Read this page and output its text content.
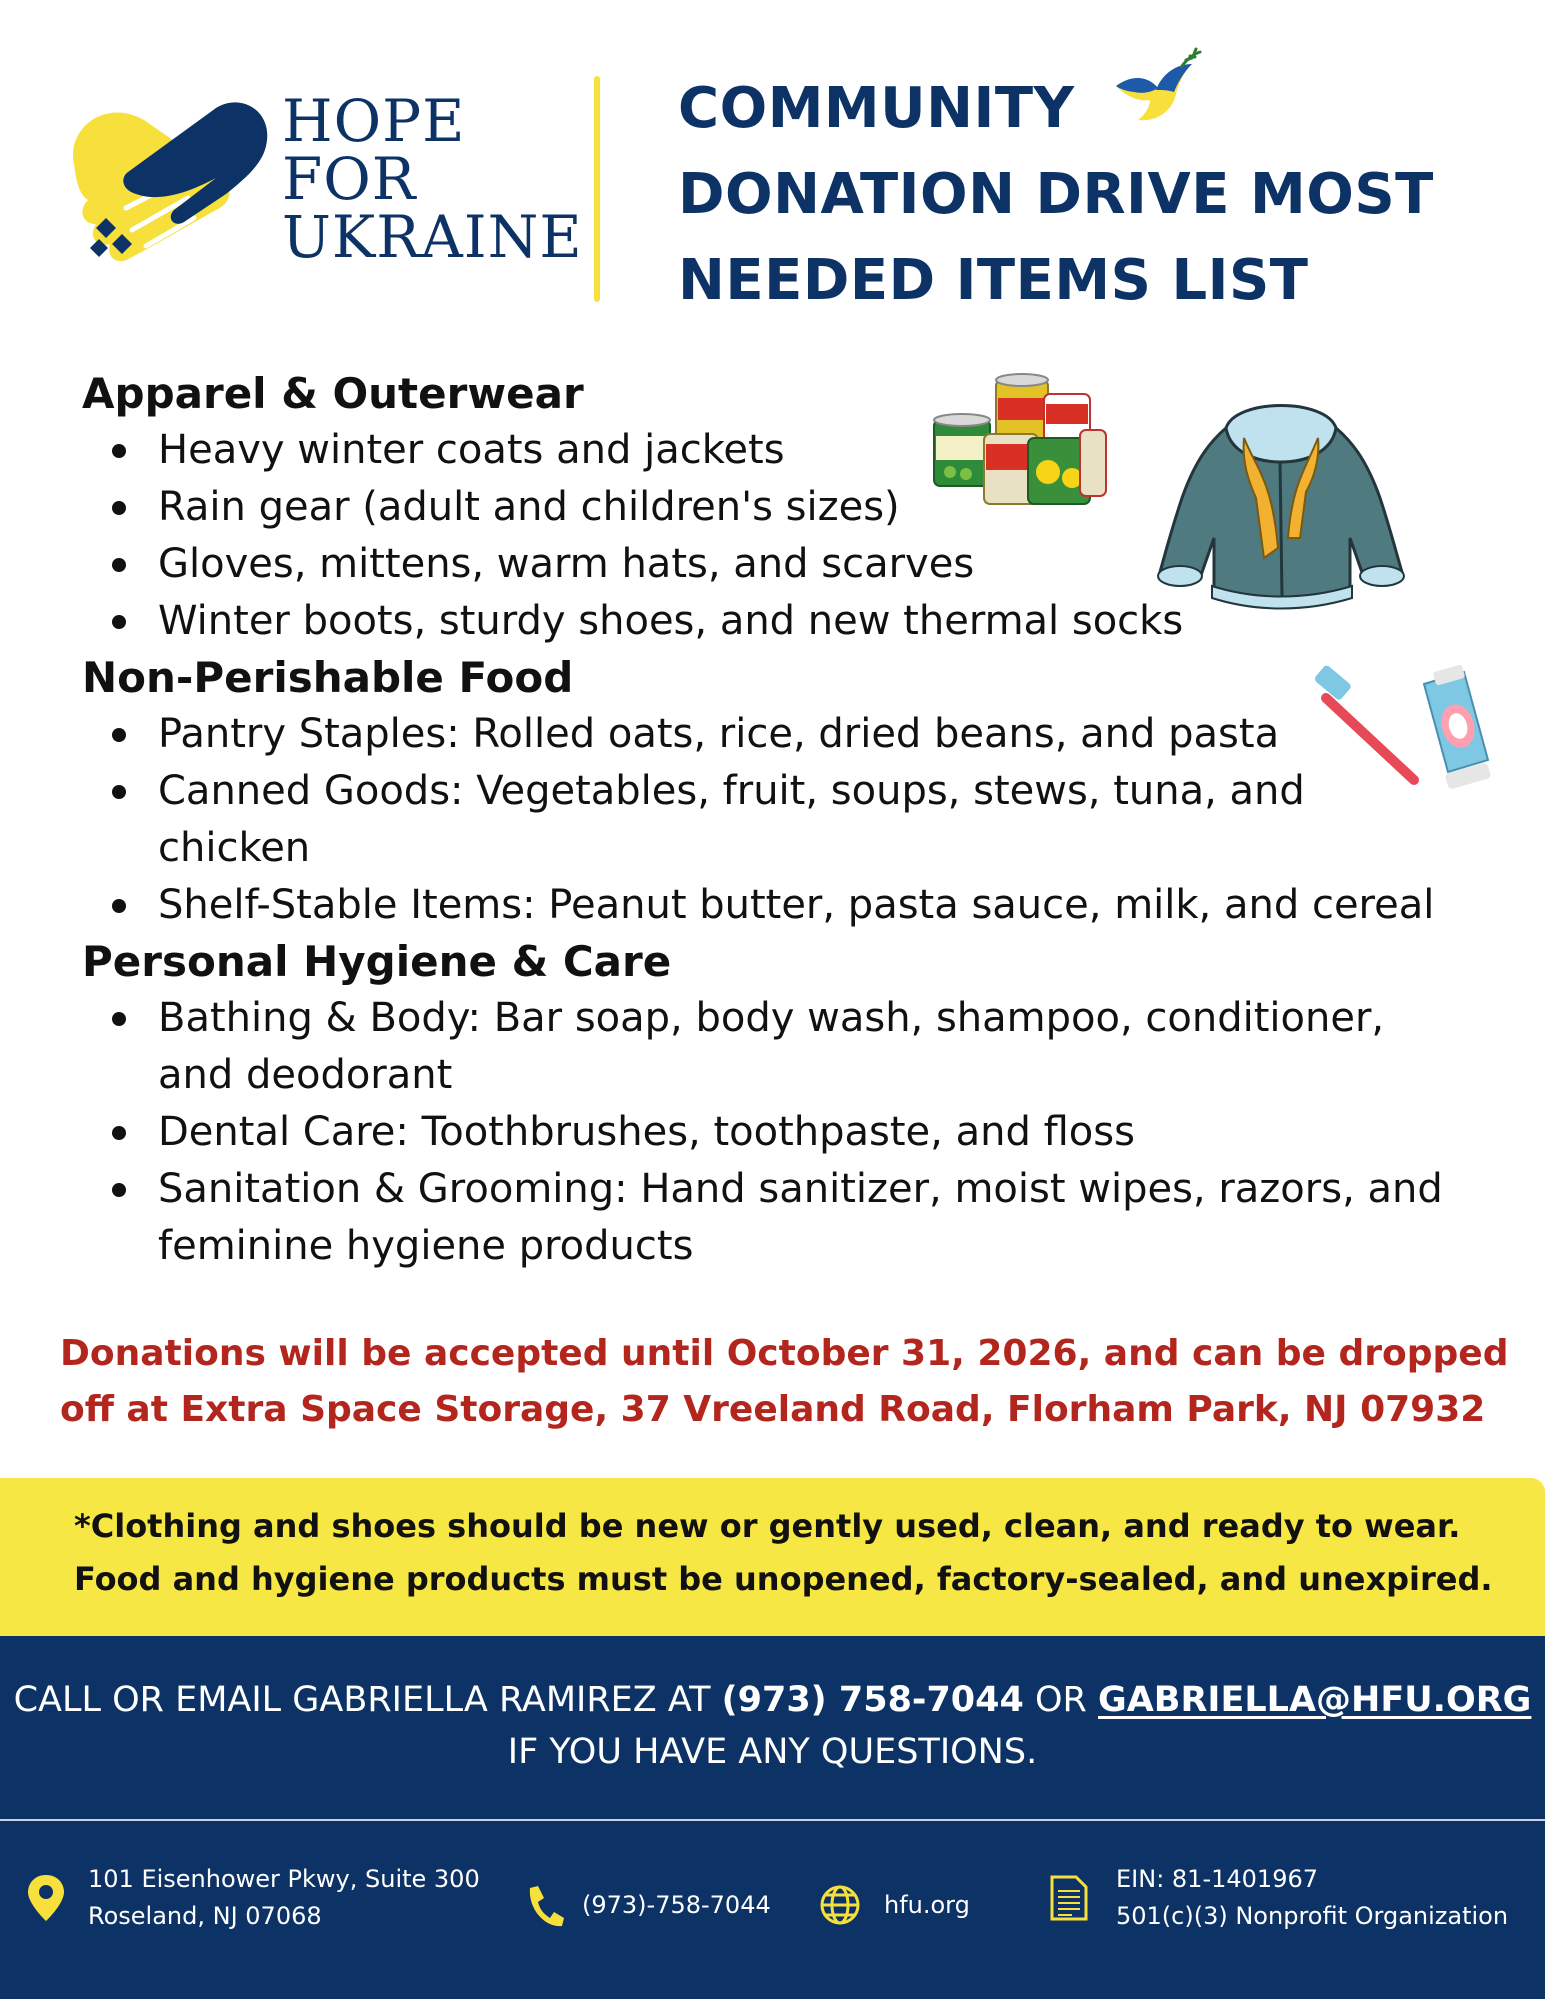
HOPE
FOR
UKRAINE
COMMUNITY
DONATION DRIVE MOST
NEEDED ITEMS LIST
Apparel & Outerwear
Heavy winter coats and jackets
Rain gear (adult and children's sizes)
Gloves, mittens, warm hats, and scarves
Winter boots, sturdy shoes, and new thermal socks
Non-Perishable Food
Pantry Staples: Rolled oats, rice, dried beans, and pasta
Canned Goods: Vegetables, fruit, soups, stews, tuna, and chicken
Shelf-Stable Items: Peanut butter, pasta sauce, milk, and cereal
Personal Hygiene & Care
Bathing & Body: Bar soap, body wash, shampoo, conditioner, and deodorant
Dental Care: Toothbrushes, toothpaste, and floss
Sanitation & Grooming: Hand sanitizer, moist wipes, razors, and feminine hygiene products
Donations will be accepted until October 31, 2026, and can be dropped
off at Extra Space Storage, 37 Vreeland Road, Florham Park, NJ 07932
*Clothing and shoes should be new or gently used, clean, and ready to wear.
Food and hygiene products must be unopened, factory-sealed, and unexpired.
CALL OR EMAIL GABRIELLA RAMIREZ AT (973) 758-7044 OR GABRIELLA@HFU.ORG
IF YOU HAVE ANY QUESTIONS.
101 Eisenhower Pkwy, Suite 300
Roseland, NJ 07068	(973)-758-7044	hfu.org
EIN: 81-1401967
501(c)(3) Nonprofit Organization
